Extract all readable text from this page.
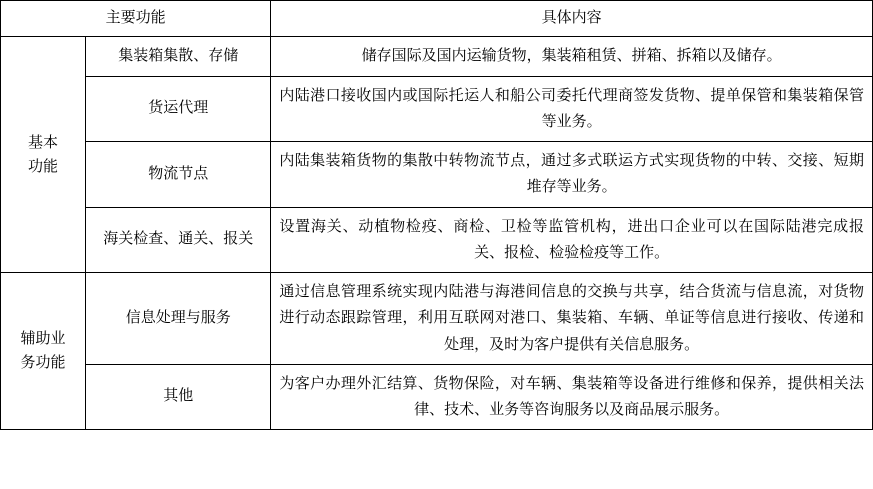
主要功能		具体内容

基本
功能	集装箱集散、存储	储存国际及国内运输货物，集装箱租赁、拼箱、拆箱以及储存。
	货运代理	内陆港口接收国内或国际托运人和船公司委托代理商签发货物、提单保管和集装箱保管等业务。
	物流节点	内陆集装箱货物的集散中转物流节点，通过多式联运方式实现货物的中转、交接、短期堆存等业务。
	海关检查、通关、报关	设置海关、动植物检疫、商检、卫检等监管机构，进出口企业可以在国际陆港完成报关、报检、检验检疫等工作。

辅助业
务功能	信息处理与服务	通过信息管理系统实现内陆港与海港间信息的交换与共享，结合货流与信息流，对货物进行动态跟踪管理，利用互联网对港口、集装箱、车辆、单证等信息进行接收、传递和处理，及时为客户提供有关信息服务。
	其他	为客户办理外汇结算、货物保险，对车辆、集装箱等设备进行维修和保养，提供相关法律、技术、业务等咨询服务以及商品展示服务。
